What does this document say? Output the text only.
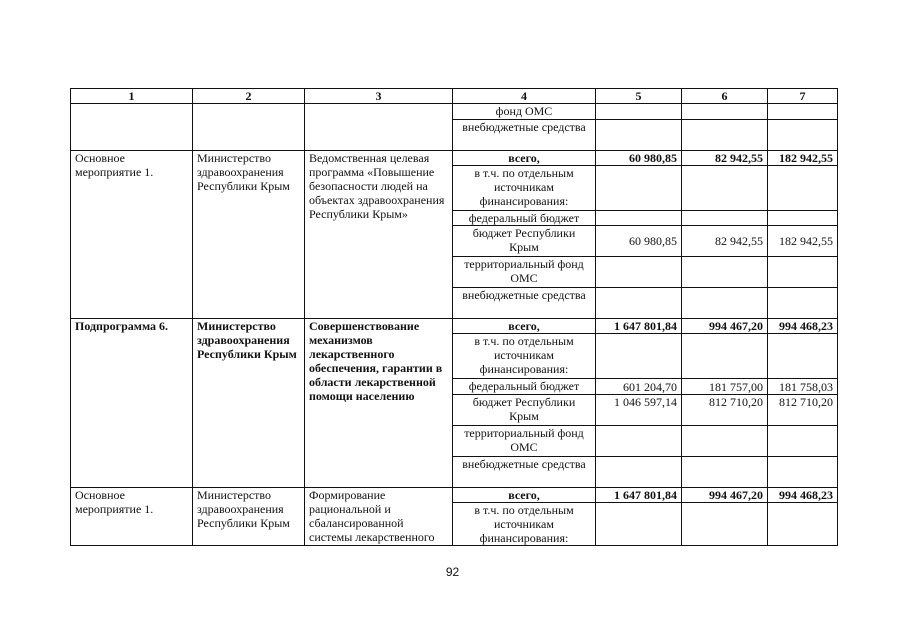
1	2	3	4	5	6	7
			фонд ОМС			
			внебюджетные средства			
Основное мероприятие 1.	Министерство здравоохранения Республики Крым	Ведомственная целевая программа «Повышение безопасности людей на объектах здравоохранения Республики Крым»	всего,	60 980,85	82 942,55	182 942,55
			в т.ч. по отдельным источникам финансирования:			
			федеральный бюджет			
			бюджет Республики Крым	60 980,85	82 942,55	182 942,55
			территориальный фонд ОМС			
			внебюджетные средства			
Подпрограмма 6.	Министерство здравоохранения Республики Крым	Совершенствование механизмов лекарственного обеспечения, гарантии в области лекарственной помощи населению	всего,	1 647 801,84	994 467,20	994 468,23
			в т.ч. по отдельным источникам финансирования:			
			федеральный бюджет	601 204,70	181 757,00	181 758,03
			бюджет Республики Крым	1 046 597,14	812 710,20	812 710,20
			территориальный фонд ОМС			
			внебюджетные средства			
Основное мероприятие 1.	Министерство здравоохранения Республики Крым	Формирование рациональной и сбалансированной системы лекарственного	всего,	1 647 801,84	994 467,20	994 468,23
			в т.ч. по отдельным источникам финансирования:			
92
